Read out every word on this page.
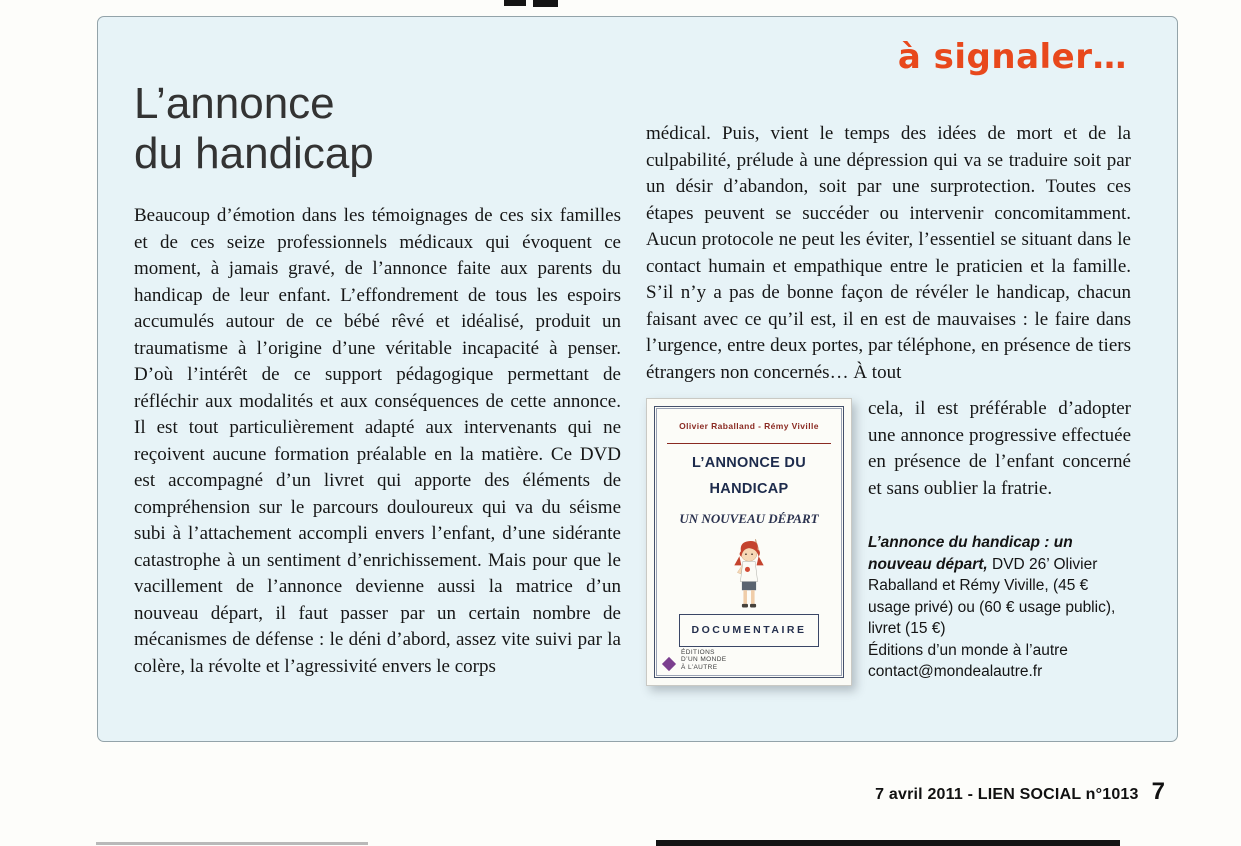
à signaler…
L’annonce
du handicap

Beaucoup d’émotion dans les témoignages de ces six familles et de ces seize professionnels médicaux qui évoquent ce moment, à jamais gravé, de l’annonce faite aux parents du handicap de leur enfant. L’effondrement de tous les espoirs accumulés autour de ce bébé rêvé et idéalisé, produit un traumatisme à l’origine d’une véritable incapacité à penser. D’où l’intérêt de ce support pédagogique permettant de réfléchir aux modalités et aux conséquences de cette annonce. Il est tout particulièrement adapté aux intervenants qui ne reçoivent aucune formation préalable en la matière. Ce DVD est accompagné d’un livret qui apporte des éléments de compréhension sur le parcours douloureux qui va du séisme subi à l’attachement accompli envers l’enfant, d’une sidérante catastrophe à un sentiment d’enrichissement. Mais pour que le vacillement de l’annonce devienne aussi la matrice d’un nouveau départ, il faut passer par un certain nombre de mécanismes de défense : le déni d’abord, assez vite suivi par la colère, la révolte et l’agressivité envers le corps

médical. Puis, vient le temps des idées de mort et de la culpabilité, prélude à une dépression qui va se traduire soit par un désir d’abandon, soit par une surprotection. Toutes ces étapes peuvent se succéder ou intervenir concomitamment. Aucun protocole ne peut les éviter, l’essentiel se situant dans le contact humain et empathique entre le praticien et la famille. S’il n’y a pas de bonne façon de révéler le handicap, chacun faisant avec ce qu’il est, il en est de mauvaises : le faire dans l’urgence, entre deux portes, par téléphone, en présence de tiers étrangers non concernés… À tout

Olivier Raballand - Rémy Viville
L’ANNONCE DU HANDICAP
UN NOUVEAU DÉPART
DOCUMENTAIRE
ÉDITIONS
D’UN MONDE
À L’AUTRE

cela, il est préférable d’adopter une annonce progressive effectuée en présence de l’enfant concerné et sans oublier la fratrie.

L’annonce du handicap : un nouveau départ, DVD 26’ Olivier Raballand et Rémy Viville, (45 € usage privé) ou (60 € usage public), livret (15 €)
Éditions d’un monde à l’autre
contact@mondealautre.fr
7 avril 2011 - LIEN SOCIAL n°1013 7
